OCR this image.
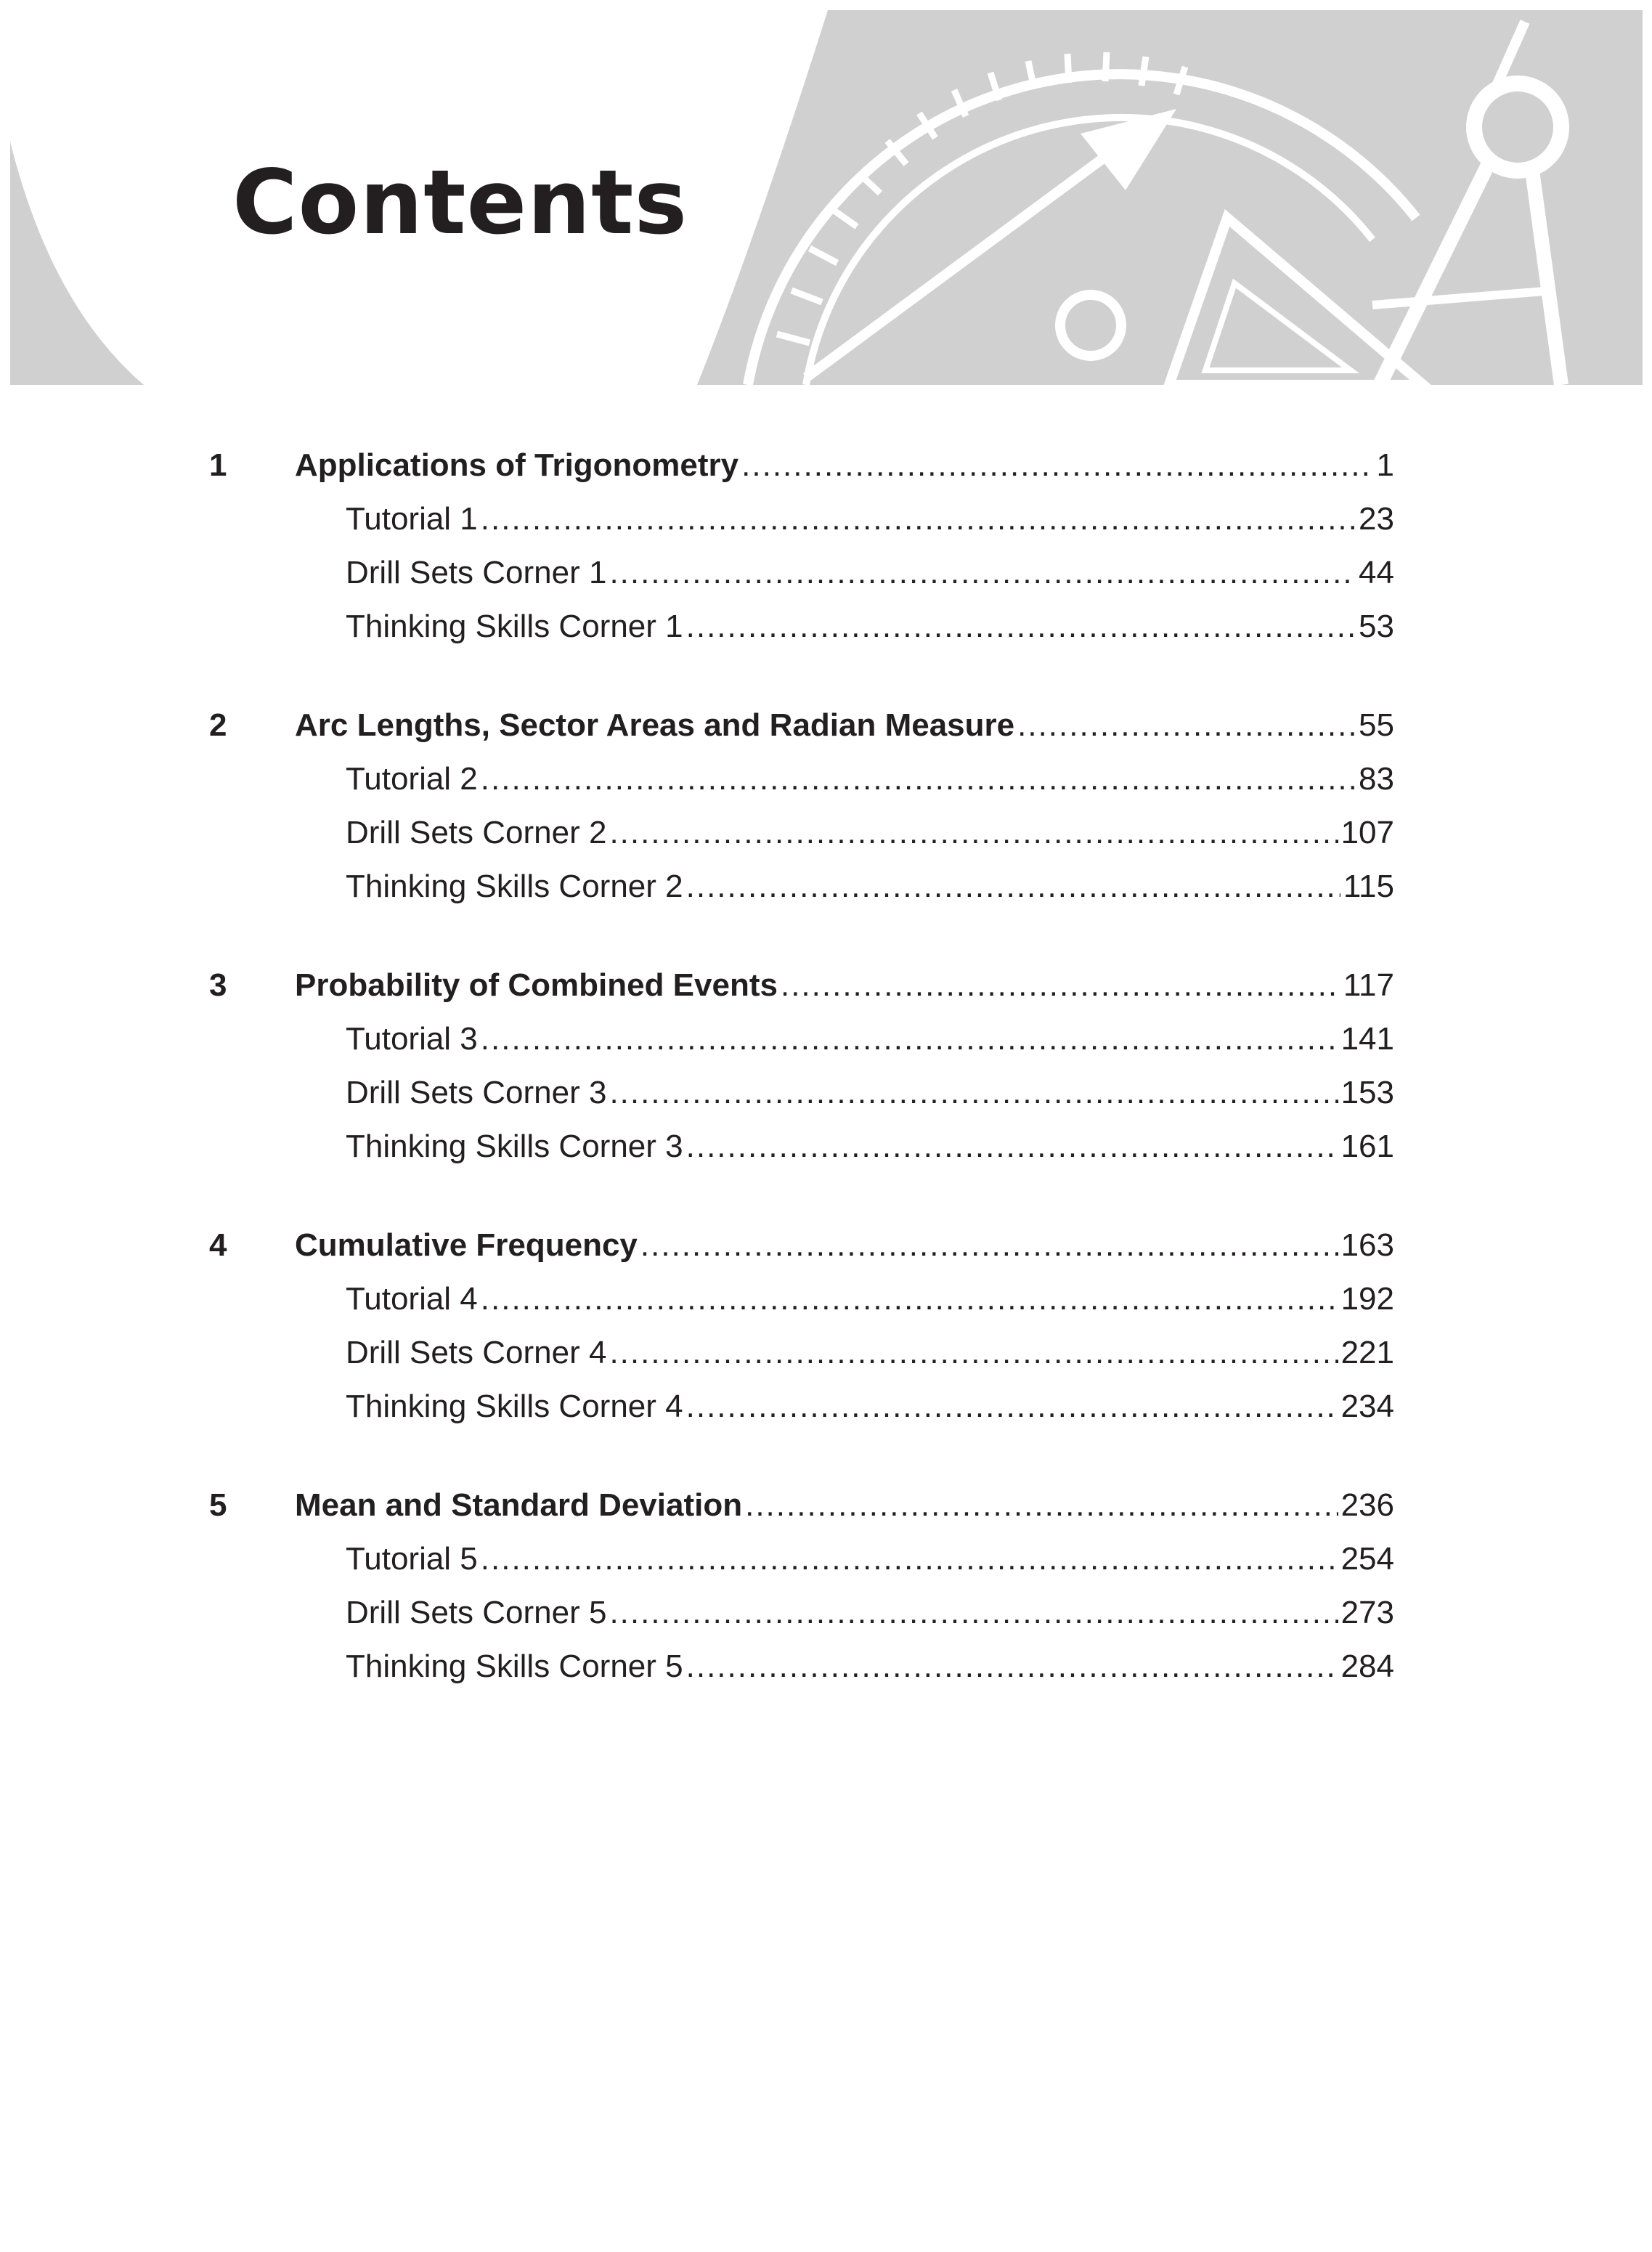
Contents
1	Applications of Trigonometry .....	1
Tutorial 1 .....	23
Drill Sets Corner 1 .....	44
Thinking Skills Corner 1 .....	53
2	Arc Lengths, Sector Areas and Radian Measure .....	55
Tutorial 2 .....	83
Drill Sets Corner 2 .....	107
Thinking Skills Corner 2 .....	115
3	Probability of Combined Events .....	117
Tutorial 3 .....	141
Drill Sets Corner 3 .....	153
Thinking Skills Corner 3 .....	161
4	Cumulative Frequency .....	163
Tutorial 4 .....	192
Drill Sets Corner 4 .....	221
Thinking Skills Corner 4 .....	234
5	Mean and Standard Deviation .....	236
Tutorial 5 .....	254
Drill Sets Corner 5 .....	273
Thinking Skills Corner 5 .....	284
